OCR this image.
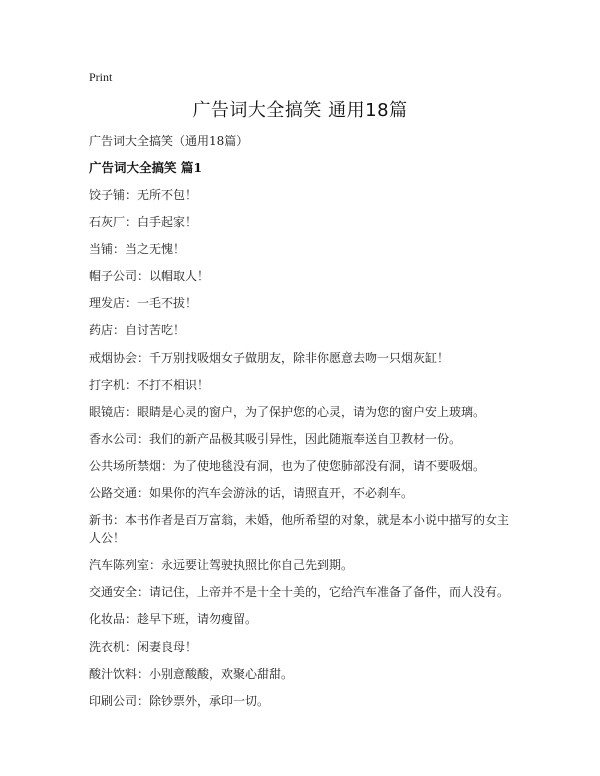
Print
广告词大全搞笑 通用18篇
广告词大全搞笑（通用18篇）
广告词大全搞笑 篇1
饺子铺：无所不包！
石灰厂：白手起家！
当铺：当之无愧！
帽子公司：以帽取人！
理发店：一毛不拔！
药店：自讨苦吃！
戒烟协会：千万别找吸烟女子做朋友，除非你愿意去吻一只烟灰缸！
打字机：不打不相识！
眼镜店：眼睛是心灵的窗户，为了保护您的心灵，请为您的窗户安上玻璃。
香水公司：我们的新产品极其吸引异性，因此随瓶奉送自卫教材一份。
公共场所禁烟：为了使地毯没有洞，也为了使您肺部没有洞，请不要吸烟。
公路交通：如果你的汽车会游泳的话，请照直开，不必刹车。
新书：本书作者是百万富翁，未婚，他所希望的对象，就是本小说中描写的女主人公！
汽车陈列室：永远要让驾驶执照比你自己先到期。
交通安全：请记住，上帝并不是十全十美的，它给汽车准备了备件，而人没有。
化妆品：趁早下班，请勿瘦留。
洗衣机：闲妻良母！
酸汁饮料：小别意酸酸，欢聚心甜甜。
印刷公司：除钞票外，承印一切。
